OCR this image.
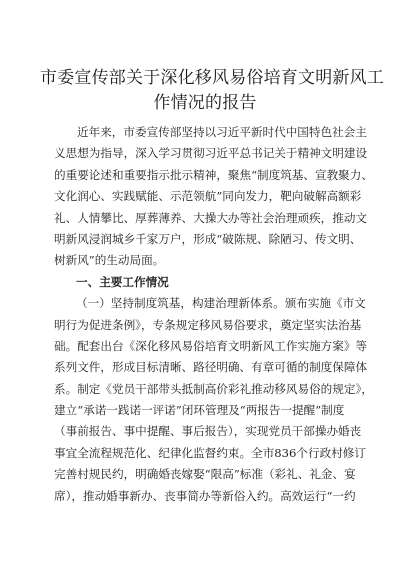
市委宣传部关于深化移风易俗培育文明新风工
作情况的报告
近年来，市委宣传部坚持以习近平新时代中国特色社会主
义思想为指导，深入学习贯彻习近平总书记关于精神文明建设
的重要论述和重要指示批示精神，聚焦“制度筑基、宣教聚力、
文化润心、实践赋能、示范领航”同向发力，靶向破解高额彩
礼、人情攀比、厚葬薄养、大操大办等社会治理顽疾，推动文
明新风浸润城乡千家万户，形成“破陈规、除陋习、传文明、
树新风”的生动局面。
一、主要工作情况
（一）坚持制度筑基，构建治理新体系。颁布实施《市文
明行为促进条例》，专条规定移风易俗要求，奠定坚实法治基
础。配套出台《深化移风易俗培育文明新风工作实施方案》等
系列文件，形成目标清晰、路径明确、有章可循的制度保障体
系。制定《党员干部带头抵制高价彩礼推动移风易俗的规定》，
建立“承诺一践诺一评诺”闭环管理及“两报告一提醒”制度
（事前报告、事中提醒、事后报告），实现党员干部操办婚丧
事宜全流程规范化、纪律化监督约束。全市836个行政村修订
完善村规民约，明确婚丧嫁娶“限高”标准（彩礼、礼金、宴
席），推动婚事新办、丧事简办等新俗入约。高效运行“一约
